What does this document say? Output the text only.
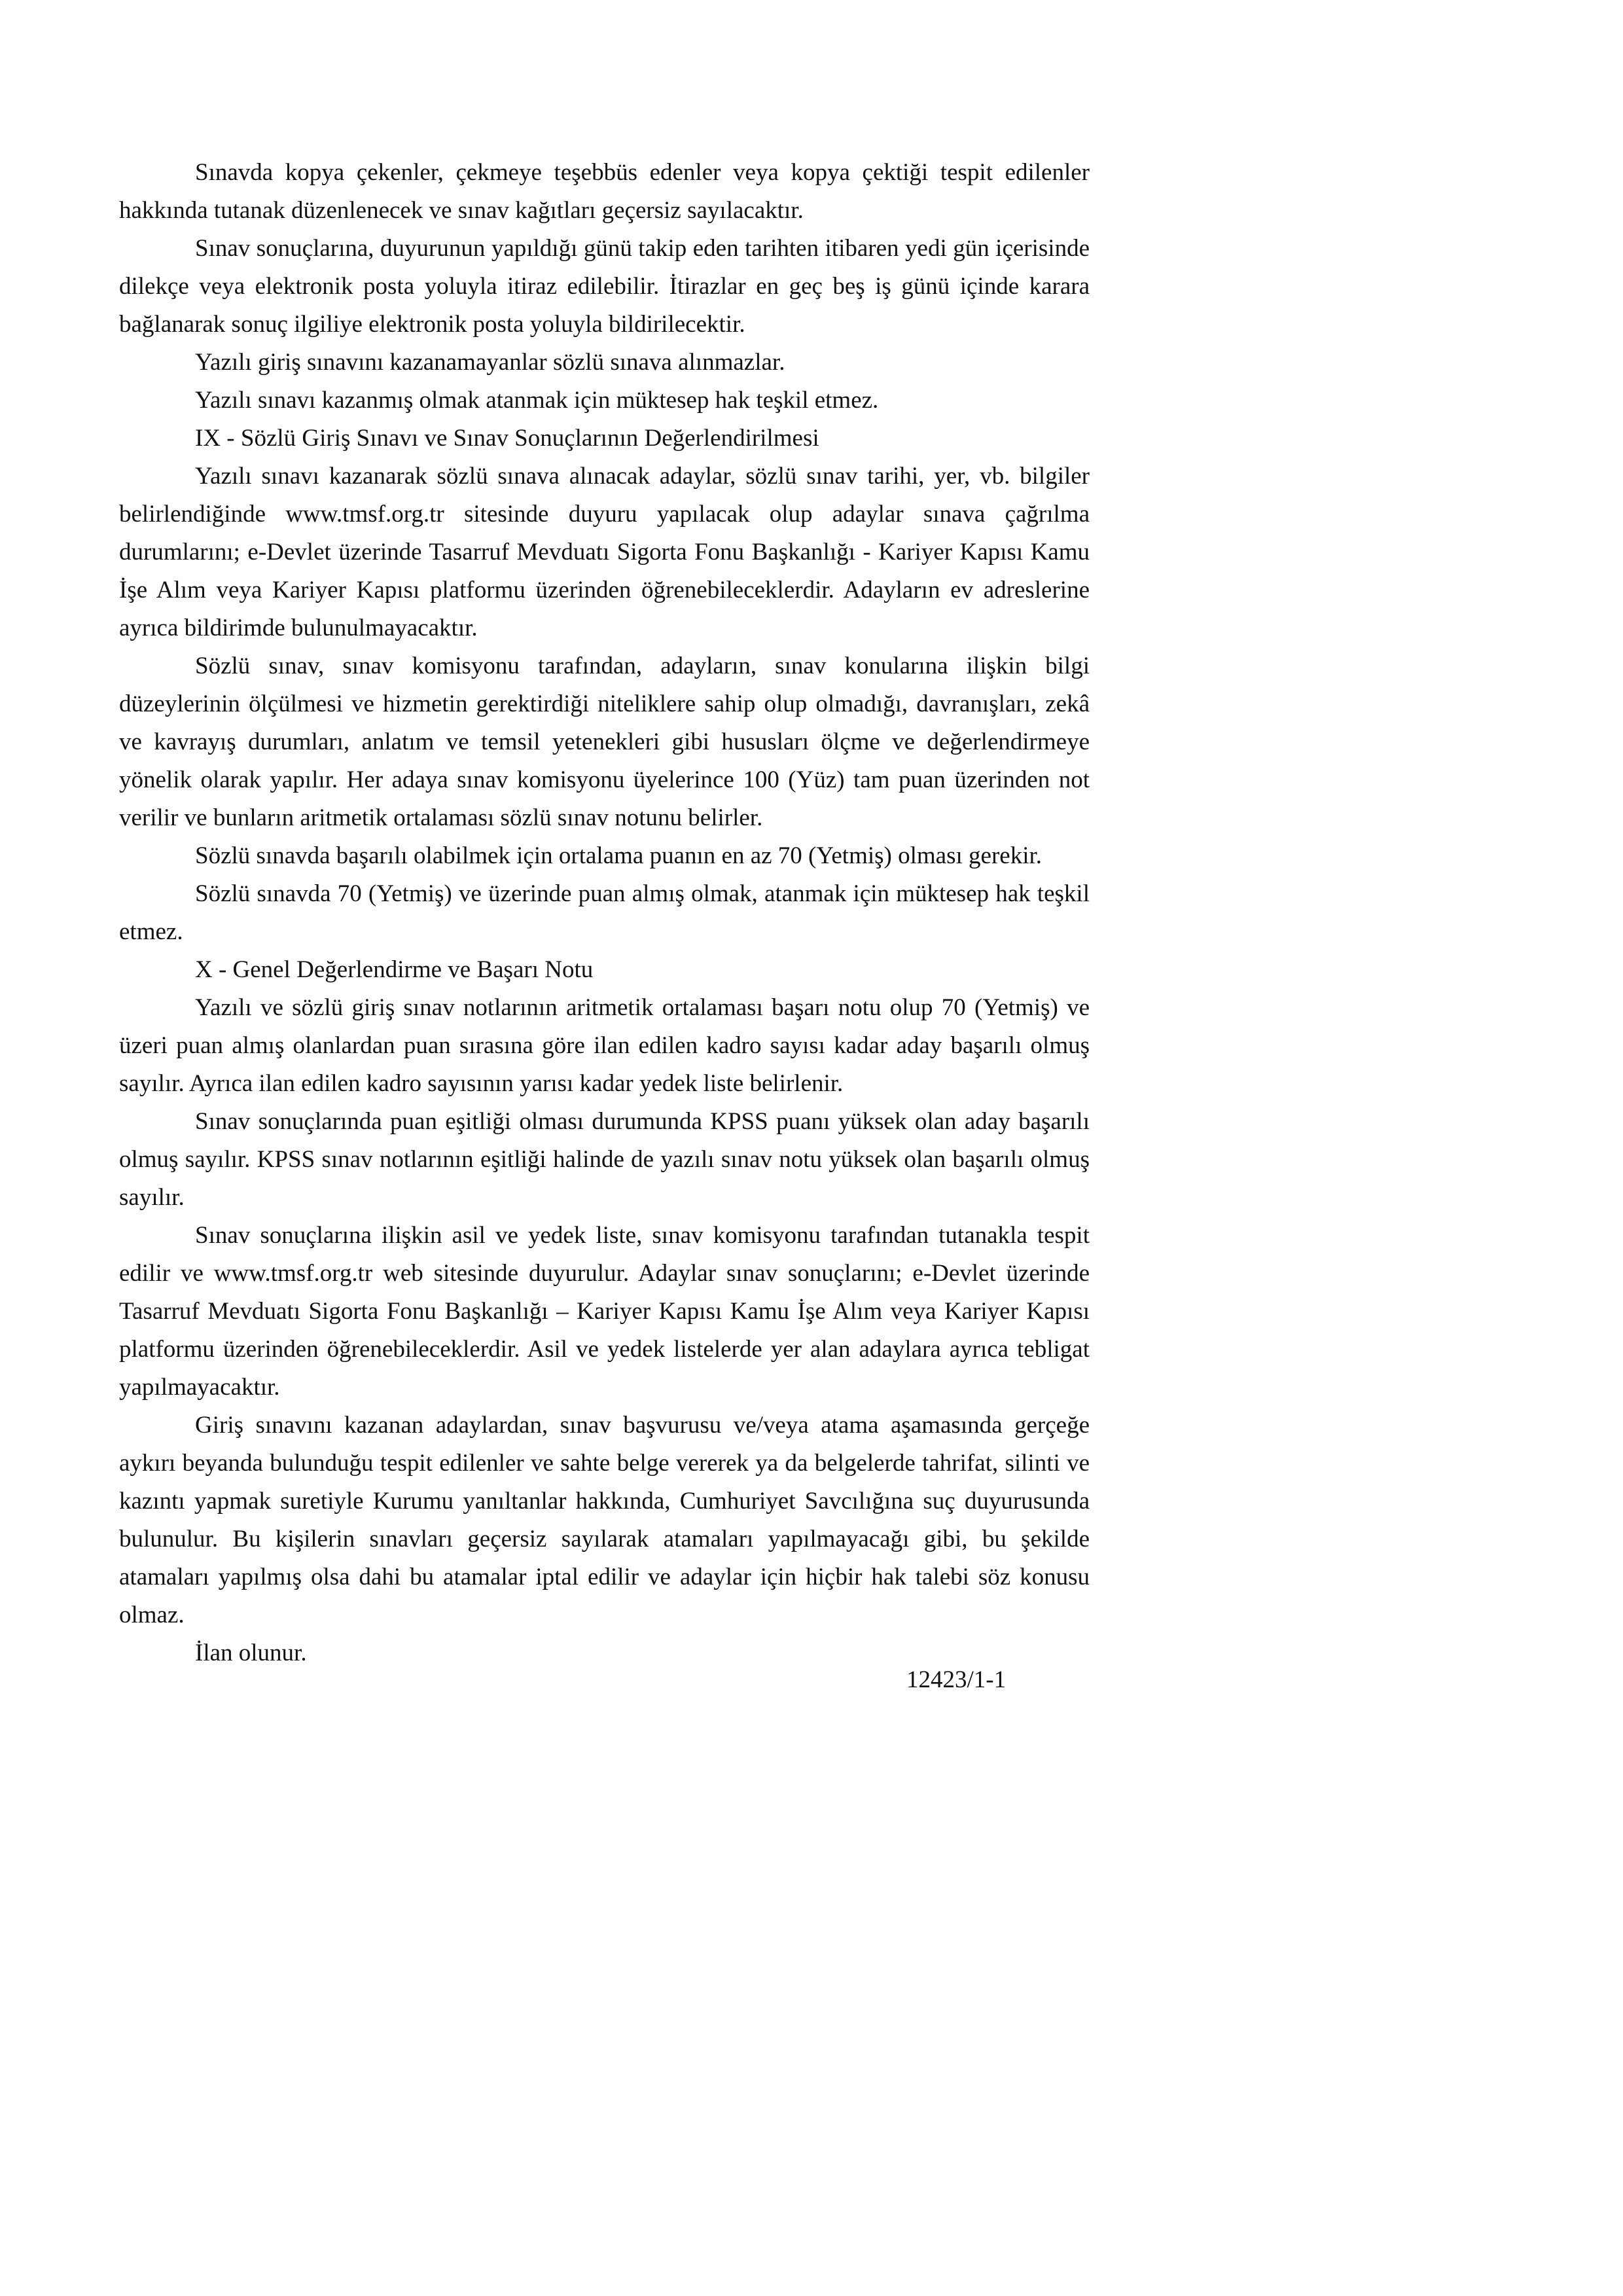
Sınavda kopya çekenler, çekmeye teşebbüs edenler veya kopya çektiği tespit edilenler hakkında tutanak düzenlenecek ve sınav kağıtları geçersiz sayılacaktır.

Sınav sonuçlarına, duyurunun yapıldığı günü takip eden tarihten itibaren yedi gün içerisinde dilekçe veya elektronik posta yoluyla itiraz edilebilir. İtirazlar en geç beş iş günü içinde karara bağlanarak sonuç ilgiliye elektronik posta yoluyla bildirilecektir.

Yazılı giriş sınavını kazanamayanlar sözlü sınava alınmazlar.

Yazılı sınavı kazanmış olmak atanmak için müktesep hak teşkil etmez.

IX - Sözlü Giriş Sınavı ve Sınav Sonuçlarının Değerlendirilmesi

Yazılı sınavı kazanarak sözlü sınava alınacak adaylar, sözlü sınav tarihi, yer, vb. bilgiler belirlendiğinde www.tmsf.org.tr sitesinde duyuru yapılacak olup adaylar sınava çağrılma durumlarını; e-Devlet üzerinde Tasarruf Mevduatı Sigorta Fonu Başkanlığı - Kariyer Kapısı Kamu İşe Alım veya Kariyer Kapısı platformu üzerinden öğrenebileceklerdir. Adayların ev adreslerine ayrıca bildirimde bulunulmayacaktır.

Sözlü sınav, sınav komisyonu tarafından, adayların, sınav konularına ilişkin bilgi düzeylerinin ölçülmesi ve hizmetin gerektirdiği niteliklere sahip olup olmadığı, davranışları, zekâ ve kavrayış durumları, anlatım ve temsil yetenekleri gibi hususları ölçme ve değerlendirmeye yönelik olarak yapılır. Her adaya sınav komisyonu üyelerince 100 (Yüz) tam puan üzerinden not verilir ve bunların aritmetik ortalaması sözlü sınav notunu belirler.

Sözlü sınavda başarılı olabilmek için ortalama puanın en az 70 (Yetmiş) olması gerekir.

Sözlü sınavda 70 (Yetmiş) ve üzerinde puan almış olmak, atanmak için müktesep hak teşkil etmez.

X - Genel Değerlendirme ve Başarı Notu

Yazılı ve sözlü giriş sınav notlarının aritmetik ortalaması başarı notu olup 70 (Yetmiş) ve üzeri puan almış olanlardan puan sırasına göre ilan edilen kadro sayısı kadar aday başarılı olmuş sayılır. Ayrıca ilan edilen kadro sayısının yarısı kadar yedek liste belirlenir.

Sınav sonuçlarında puan eşitliği olması durumunda KPSS puanı yüksek olan aday başarılı olmuş sayılır. KPSS sınav notlarının eşitliği halinde de yazılı sınav notu yüksek olan başarılı olmuş sayılır.

Sınav sonuçlarına ilişkin asil ve yedek liste, sınav komisyonu tarafından tutanakla tespit edilir ve www.tmsf.org.tr web sitesinde duyurulur. Adaylar sınav sonuçlarını; e-Devlet üzerinde Tasarruf Mevduatı Sigorta Fonu Başkanlığı – Kariyer Kapısı Kamu İşe Alım veya Kariyer Kapısı platformu üzerinden öğrenebileceklerdir. Asil ve yedek listelerde yer alan adaylara ayrıca tebligat yapılmayacaktır.

Giriş sınavını kazanan adaylardan, sınav başvurusu ve/veya atama aşamasında gerçeğe aykırı beyanda bulunduğu tespit edilenler ve sahte belge vererek ya da belgelerde tahrifat, silinti ve kazıntı yapmak suretiyle Kurumu yanıltanlar hakkında, Cumhuriyet Savcılığına suç duyurusunda bulunulur. Bu kişilerin sınavları geçersiz sayılarak atamaları yapılmayacağı gibi, bu şekilde atamaları yapılmış olsa dahi bu atamalar iptal edilir ve adaylar için hiçbir hak talebi söz konusu olmaz.

İlan olunur.

12423/1-1
